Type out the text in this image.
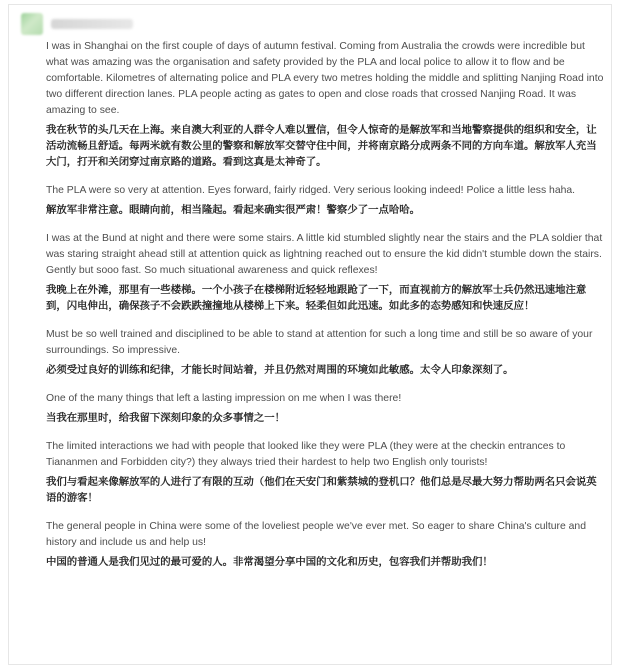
I was in Shanghai on the first couple of days of autumn festival. Coming from Australia the crowds were incredible but what was amazing was the organisation and safety provided by the PLA and local police to allow it to flow and be comfortable. Kilometres of alternating police and PLA every two metres holding the middle and splitting Nanjing Road into two different direction lanes. PLA people acting as gates to open and close roads that crossed Nanjing Road. It was amazing to see.

我在秋节的头几天在上海。来自澳大利亚的人群令人难以置信，但令人惊奇的是解放军和当地警察提供的组织和安全，让活动流畅且舒适。每两米就有数公里的警察和解放军交替守住中间，并将南京路分成两条不同的方向车道。解放军人充当大门，打开和关闭穿过南京路的道路。看到这真是太神奇了。

The PLA were so very at attention. Eyes forward, fairly ridged. Very serious looking indeed! Police a little less haha.

解放军非常注意。眼睛向前，相当隆起。看起来确实很严肃！警察少了一点哈哈。

I was at the Bund at night and there were some stairs. A little kid stumbled slightly near the stairs and the PLA soldier that was staring straight ahead still at attention quick as lightning reached out to ensure the kid didn't stumble down the stairs. Gently but sooo fast. So much situational awareness and quick reflexes!

我晚上在外滩，那里有一些楼梯。一个小孩子在楼梯附近轻轻地跟跄了一下，而直视前方的解放军士兵仍然迅速地注意到，闪电伸出，确保孩子不会跌跌撞撞地从楼梯上下来。轻柔但如此迅速。如此多的态势感知和快速反应！

Must be so well trained and disciplined to be able to stand at attention for such a long time and still be so aware of your surroundings. So impressive.

必须受过良好的训练和纪律，才能长时间站着，并且仍然对周围的环境如此敏感。太令人印象深刻了。

One of the many things that left a lasting impression on me when I was there!

当我在那里时，给我留下深刻印象的众多事情之一！

The limited interactions we had with people that looked like they were PLA (they were at the checkin entrances to Tiananmen and Forbidden city?) they always tried their hardest to help two English only tourists!

我们与看起来像解放军的人进行了有限的互动（他们在天安门和紫禁城的登机口？他们总是尽最大努力帮助两名只会说英语的游客！

The general people in China were some of the loveliest people we've ever met. So eager to share China's culture and history and include us and help us!

中国的普通人是我们见过的最可爱的人。非常渴望分享中国的文化和历史，包容我们并帮助我们！
